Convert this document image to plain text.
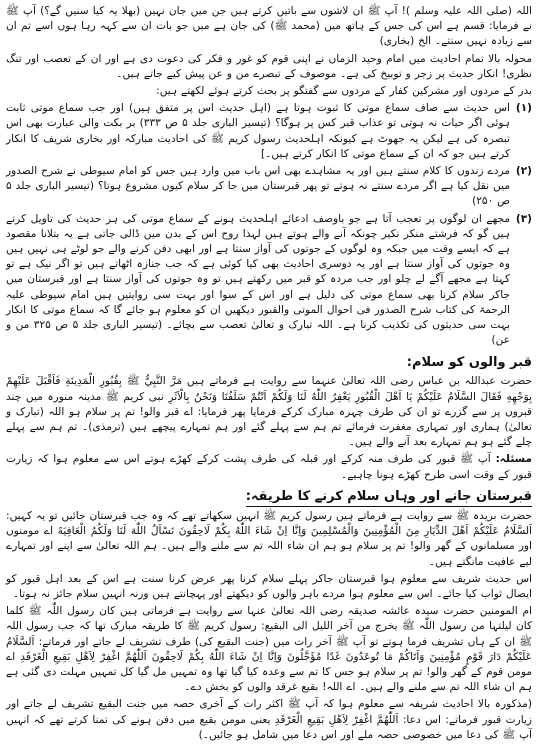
اللہ (صلی اللہ علیہ وسلم )! آپ ﷺ ان لاشوں سے باتیں کرتے ہیں جن میں جان نہیں (بھلا یہ کیا سنیں گے؟) آپ ﷺ نے فرمایا: قسم ہے اس کی جس کے ہاتھ میں (محمد ﷺ) کی جان ہے میں جو بات ان سے کہہ رہا ہوں اسے تم ان سے زیادہ نہیں سنتے۔ الخ (بخاری)

محولہ بالا تمام احادیث میں امام وحید الزماں نے اپنی قوم کو غور و فکر کی دعوت دی ہے اور ان کے تعصب اور تنگ نظری! انکار حدیث پر زجر و توبیخ کی ہے۔ موصوف کے تبصرے من و عن پیش کیے جاتے ہیں۔

بدر کے مردوں اور مشرکین کفار کے مردوں سے گفتگو پر بحث کرتے ہوئے لکھتے ہیں:

(۱)

اس حدیث سے صاف سماع موتی کا ثبوت ہوتا ہے (اہل حدیث اس پر متفق ہیں) اور جب سماع موتی ثابت ہوئی اگر حیات نہ ہوتی تو عذاب قبر کس پر ہوگا؟ (تیسیر الباری جلد ۵ ص ۳۳۳) بر بکت والی عبارت بھی اس تبصرہ کی ہے لیکن یہ جھوٹ ہے کیونکہ اہلحدیث رسول کریم ﷺ کی احادیث مبارکہ اور بخاری شریف کا انکار کرتے ہیں جو کہ ان کے سماع موتی کا انکار کرتے ہیں۔]

(۲)

مردے زندوں کا کلام سنتے ہیں اور یہ مشاہدے بھی اس باب میں وارد ہیں جس کو امام سیوطی نے شرح الصدور میں نقل کیا ہے اگر مردے سنتے نہ ہوتے تو پھر قبرستان میں جا کر سلام کیوں مشروع ہوتا؟ (تیسیر الباری جلد ۵ ص ۲۵۰)

(۳)

مجھے ان لوگوں پر تعجب آتا ہے جو باوصف ادعائے اہلحدیث ہونے کے سماع موتی کی ہر حدیث کی تاویل کرتے ہیں گو کہ فرشتے منکر نکیر چونکہ آنے والے ہوتے ہیں لہذا روح اس کے بدن میں ڈالی جاتی ہے یہ بتلانا مقصود ہے کہ ایسے وقت میں جبکہ وہ لوگوں کے جوتوں کی آواز سنتا ہے اور ابھی دفن کرنے والے جو لوٹے ہی نہیں ہیں وہ جوتوں کی آواز سنتا ہے اور یہ دوسری احادیث بھی کیا کوئی ہے کہ جب جنازہ اٹھاتے ہیں تو اگر نیک ہے تو کہتا ہے مجھے آگے لے چلو اور جب مردہ کو قبر میں رکھتے ہیں تو وہ جوتوں کی آواز سنتا ہے اور قبرستان میں جاکر سلام کرنا بھی سماع موتی کی دلیل ہے اور اس کے سوا اور بہت سی روایتیں ہیں امام سیوطی علیہ الرحمۃ کی کتاب شرح الصدور فی احوال الموتی والقبور دیکھیں ان کو معلوم ہو جائے گا کہ سماع موتی کا انکار بہت سی حدیثوں کی تکذیب کرنا ہے۔ اللہ تبارک و تعالیٰ تعصب سے بچائے۔ (تیسیر الباری جلد ۵ ص ۳۲۵ من و عن)

قبر والوں کو سلام:

حضرت عبداللہ بن عباس رضی اللہ تعالیٰ عنہما سے روایت ہے فرماتے ہیں مَرَّ النَّبِيُّ ﷺ بِقُبُورِ الْمَدِينَةِ فَاَقْبَلَ عَلَيْهِمْ بِوَجْهِهِ فَقَالَ السَّلَامُ عَلَيْكُمْ يَا اَهْلَ الْقُبُورِ يَغْفِرُ اللّٰهُ لَنَا وَلَكُمْ اَنْتُمْ سَلَفُنَا وَنَحْنُ بِالْاَثَرِ نبی کریم ﷺ مدینہ منورہ میں چند قبروں پر سے گزرے تو ان کی طرف چہرہ مبارک کرکے فرمایا پھر فرمایا: اے قبر والو! تم پر سلام ہو اللہ (تبارک و تعالیٰ) ہماری اور تمہاری مغفرت فرمائے تم ہم سے پہلے گئے اور ہم تمہارے پیچھے ہیں (ترمذی)۔ تم ہم سے پہلے چلے گئے ہو ہم تمہارے بعد آنے والے ہیں۔

مسئلہ: آپ ﷺ قبور کی طرف منہ کرکے اور قبلہ کی طرف پشت کرکے کھڑے ہوتے اس سے معلوم ہوا کہ زیارت قبور کے وقت اسی طرح کھڑے ہونا چاہیے۔

قبرستان جانے اور وہاں سلام کرنے کا طریقہ:

حضرت بریدہ ﷺ سے روایت ہے فرماتے ہیں رسول کریم ﷺ انہیں سکھاتے تھے کہ وہ جب قبرستان جائیں تو یہ کہیں: اَلسَّلَامُ عَلَيْكُمْ اَهْلَ الدِّيَارِ مِنَ الْمُؤْمِنِينَ وَالْمُسْلِمِينَ وَاِنَّا اِنْ شَاءَ اللّٰهُ بِكُمْ لَاحِقُونَ نَسْاَلُ اللّٰهَ لَنَا وَلَكُمُ الْعَافِيَةَ اے مومنوں اور مسلمانوں کے گھر والو! تم پر سلام ہو ہم ان شاء اللہ تم سے ملنے والے ہیں۔ ہم اللہ تعالیٰ سے اپنے اور تمہارے لیے عافیت مانگتے ہیں۔

اس حدیث شریف سے معلوم ہوا قبرستان جاکر پہلے سلام کرنا پھر عرض کرنا سنت ہے اس کے بعد اہل قبور کو ایصال ثواب کیا جائے۔ اس سے معلوم ہوا مردے باہر والوں کو دیکھتے اور پہچانتے ہیں ورنہ انہیں سلام جائز نہ ہوتا۔

ام المومنین حضرت سیدہ عائشہ صدیقہ رضی اللہ تعالیٰ عنہا سے روایت ہے فرماتی ہیں کان رسول اللّٰہ ﷺ کلما کان لیلتہا من رسول اللّٰہ ﷺ یخرج من آخر اللیل الی البقیع: رسول کریم ﷺ کا طریقہ مبارک تھا کہ جب رسول اللہ ﷺ ان کے ہاں تشریف فرما ہوتے تو آپ ﷺ آخر رات میں (جنت البقیع کی) طرف تشریف لے جاتے اور فرماتے: اَلسَّلَامُ عَلَيْكُمْ دَارَ قَوْمٍ مُؤْمِنِينَ وَاَتَاكُمْ مَا تُوعَدُونَ غَدًا مُؤَجَّلُونَ وَاِنَّا اِنْ شَاءَ اللّٰهُ بِكُمْ لَاحِقُونَ اَللّٰهُمَّ اغْفِرْ لِاَهْلِ بَقِيعِ الْغَرْقَدِ اے مومن قوم کے گھر والو! تم پر سلام ہو جس کا تم سے وعدہ کیا گیا تھا وہ تمہیں مل گیا کل تمہیں مہلت دی گئی ہے ہم ان شاء اللہ تم سے ملنے والے ہیں۔ اے اللہ! بقیع غرقد والوں کو بخش دے۔

(مذکورہ بالا احادیث شریفہ سے معلوم ہوا کہ آپ ﷺ اکثر رات کے آخری حصہ میں جنت البقیع تشریف لے جاتے اور زیارت قبور فرماتے: اس دعا: اَللّٰهُمَّ اغْفِرْ لِاَهْلِ بَقِيعِ الْغَرْقَدِ یعنی مومن بقیع میں دفن ہونے کی تمنا کرتے تھے کہ انہیں آپ ﷺ کی دعا میں خصوصی حصہ ملے اور اس دعا میں شامل ہو جائیں۔)
